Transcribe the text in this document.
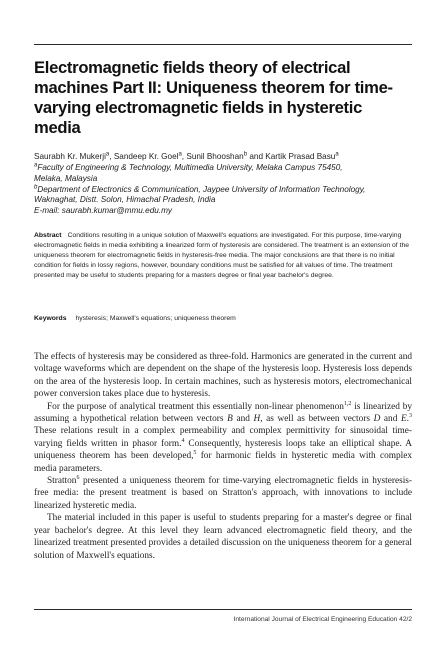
Electromagnetic fields theory of electrical machines Part II: Uniqueness theorem for time-varying electromagnetic fields in hysteretic media
Saurabh Kr. Mukerji$^a$, Sandeep Kr. Goel$^a$, Sunil Bhooshan$^b$ and Kartik Prasad Basu$^a$
$^a$Faculty of Engineering & Technology, Multimedia University, Melaka Campus 75450,
Melaka, Malaysia
$^b$Department of Electronics & Communication, Jaypee University of Information Technology,
Waknaghat, Distt. Solon, Himachal Pradesh, India
E-mail: saurabh.kumar@mmu.edu.my
Abstract Conditions resulting in a unique solution of Maxwell's equations are investigated. For this purpose, time-varying electromagnetic fields in media exhibiting a linearized form of hysteresis are considered. The treatment is an extension of the uniqueness theorem for electromagnetic fields in hysteresis-free media. The major conclusions are that there is no initial condition for fields in lossy regions, however, boundary conditions must be satisfied for all values of time. The treatment presented may be useful to students preparing for a masters degree or final year bachelor's degree.
Keywords hysteresis; Maxwell's equations; uniqueness theorem

The effects of hysteresis may be considered as three-fold. Harmonics are generated in the current and voltage waveforms which are dependent on the shape of the hysteresis loop. Hysteresis loss depends on the area of the hysteresis loop. In certain machines, such as hysteresis motors, electromechanical power conversion takes place due to hysteresis.

For the purpose of analytical treatment this essentially non-linear phenomenon$^{1,2}$ is linearized by assuming a hypothetical relation between vectors B and H, as well as between vectors D and E.$^3$ These relations result in a complex permeability and complex permittivity for sinusoidal time-varying fields written in phasor form.$^4$ Consequently, hysteresis loops take an elliptical shape. A uniqueness theorem has been developed,$^5$ for harmonic fields in hysteretic media with complex media parameters.

Stratton$^6$ presented a uniqueness theorem for time-varying electromagnetic fields in hysteresis-free media: the present treatment is based on Stratton's approach, with innovations to include linearized hysteretic media.

The material included in this paper is useful to students preparing for a master's degree or final year bachelor's degree. At this level they learn advanced electromagnetic field theory, and the linearized treatment presented provides a detailed discussion on the uniqueness theorem for a general solution of Maxwell's equations.

International Journal of Electrical Engineering Education 42/2
